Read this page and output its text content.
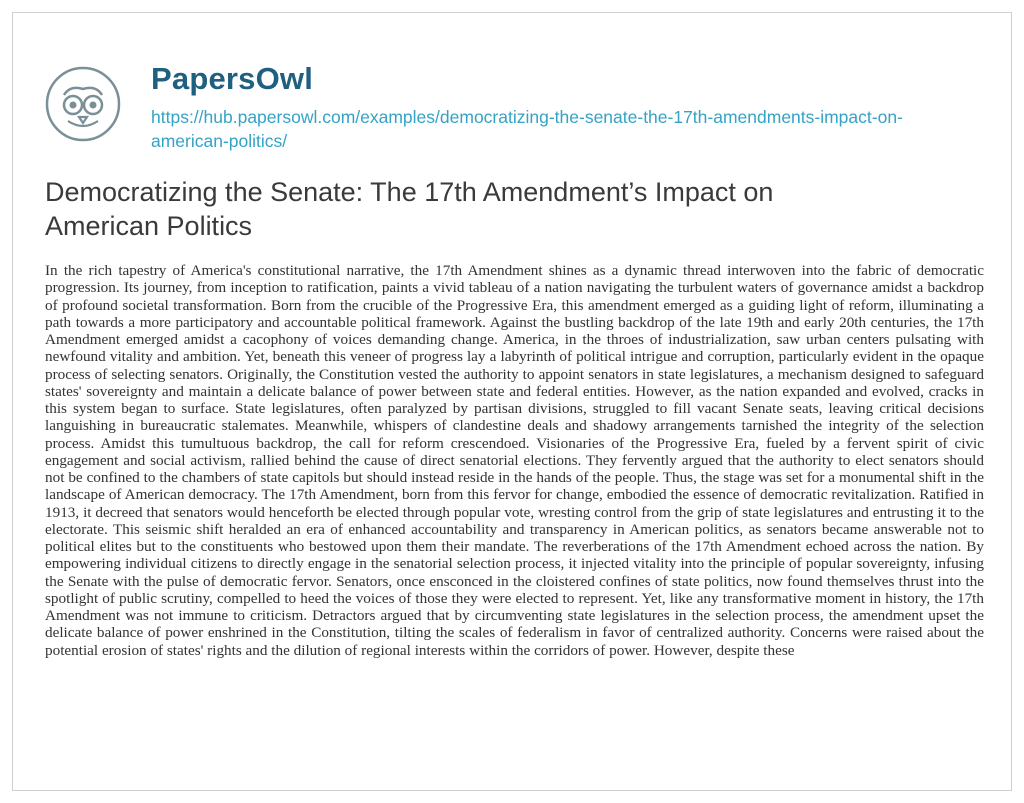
PapersOwl
https://hub.papersowl.com/examples/democratizing-the-senate-the-17th-amendments-impact-on-american-politics/
Democratizing the Senate: The 17th Amendment’s Impact on American Politics

In the rich tapestry of America's constitutional narrative, the 17th Amendment shines as a dynamic thread interwoven into the fabric of democratic progression. Its journey, from inception to ratification, paints a vivid tableau of a nation navigating the turbulent waters of governance amidst a backdrop of profound societal transformation. Born from the crucible of the Progressive Era, this amendment emerged as a guiding light of reform, illuminating a path towards a more participatory and accountable political framework. Against the bustling backdrop of the late 19th and early 20th centuries, the 17th Amendment emerged amidst a cacophony of voices demanding change. America, in the throes of industrialization, saw urban centers pulsating with newfound vitality and ambition. Yet, beneath this veneer of progress lay a labyrinth of political intrigue and corruption, particularly evident in the opaque process of selecting senators. Originally, the Constitution vested the authority to appoint senators in state legislatures, a mechanism designed to safeguard states' sovereignty and maintain a delicate balance of power between state and federal entities. However, as the nation expanded and evolved, cracks in this system began to surface. State legislatures, often paralyzed by partisan divisions, struggled to fill vacant Senate seats, leaving critical decisions languishing in bureaucratic stalemates. Meanwhile, whispers of clandestine deals and shadowy arrangements tarnished the integrity of the selection process. Amidst this tumultuous backdrop, the call for reform crescendoed. Visionaries of the Progressive Era, fueled by a fervent spirit of civic engagement and social activism, rallied behind the cause of direct senatorial elections. They fervently argued that the authority to elect senators should not be confined to the chambers of state capitols but should instead reside in the hands of the people. Thus, the stage was set for a monumental shift in the landscape of American democracy. The 17th Amendment, born from this fervor for change, embodied the essence of democratic revitalization. Ratified in 1913, it decreed that senators would henceforth be elected through popular vote, wresting control from the grip of state legislatures and entrusting it to the electorate. This seismic shift heralded an era of enhanced accountability and transparency in American politics, as senators became answerable not to political elites but to the constituents who bestowed upon them their mandate. The reverberations of the 17th Amendment echoed across the nation. By empowering individual citizens to directly engage in the senatorial selection process, it injected vitality into the principle of popular sovereignty, infusing the Senate with the pulse of democratic fervor. Senators, once ensconced in the cloistered confines of state politics, now found themselves thrust into the spotlight of public scrutiny, compelled to heed the voices of those they were elected to represent. Yet, like any transformative moment in history, the 17th Amendment was not immune to criticism. Detractors argued that by circumventing state legislatures in the selection process, the amendment upset the delicate balance of power enshrined in the Constitution, tilting the scales of federalism in favor of centralized authority. Concerns were raised about the potential erosion of states' rights and the dilution of regional interests within the corridors of power. However, despite these
